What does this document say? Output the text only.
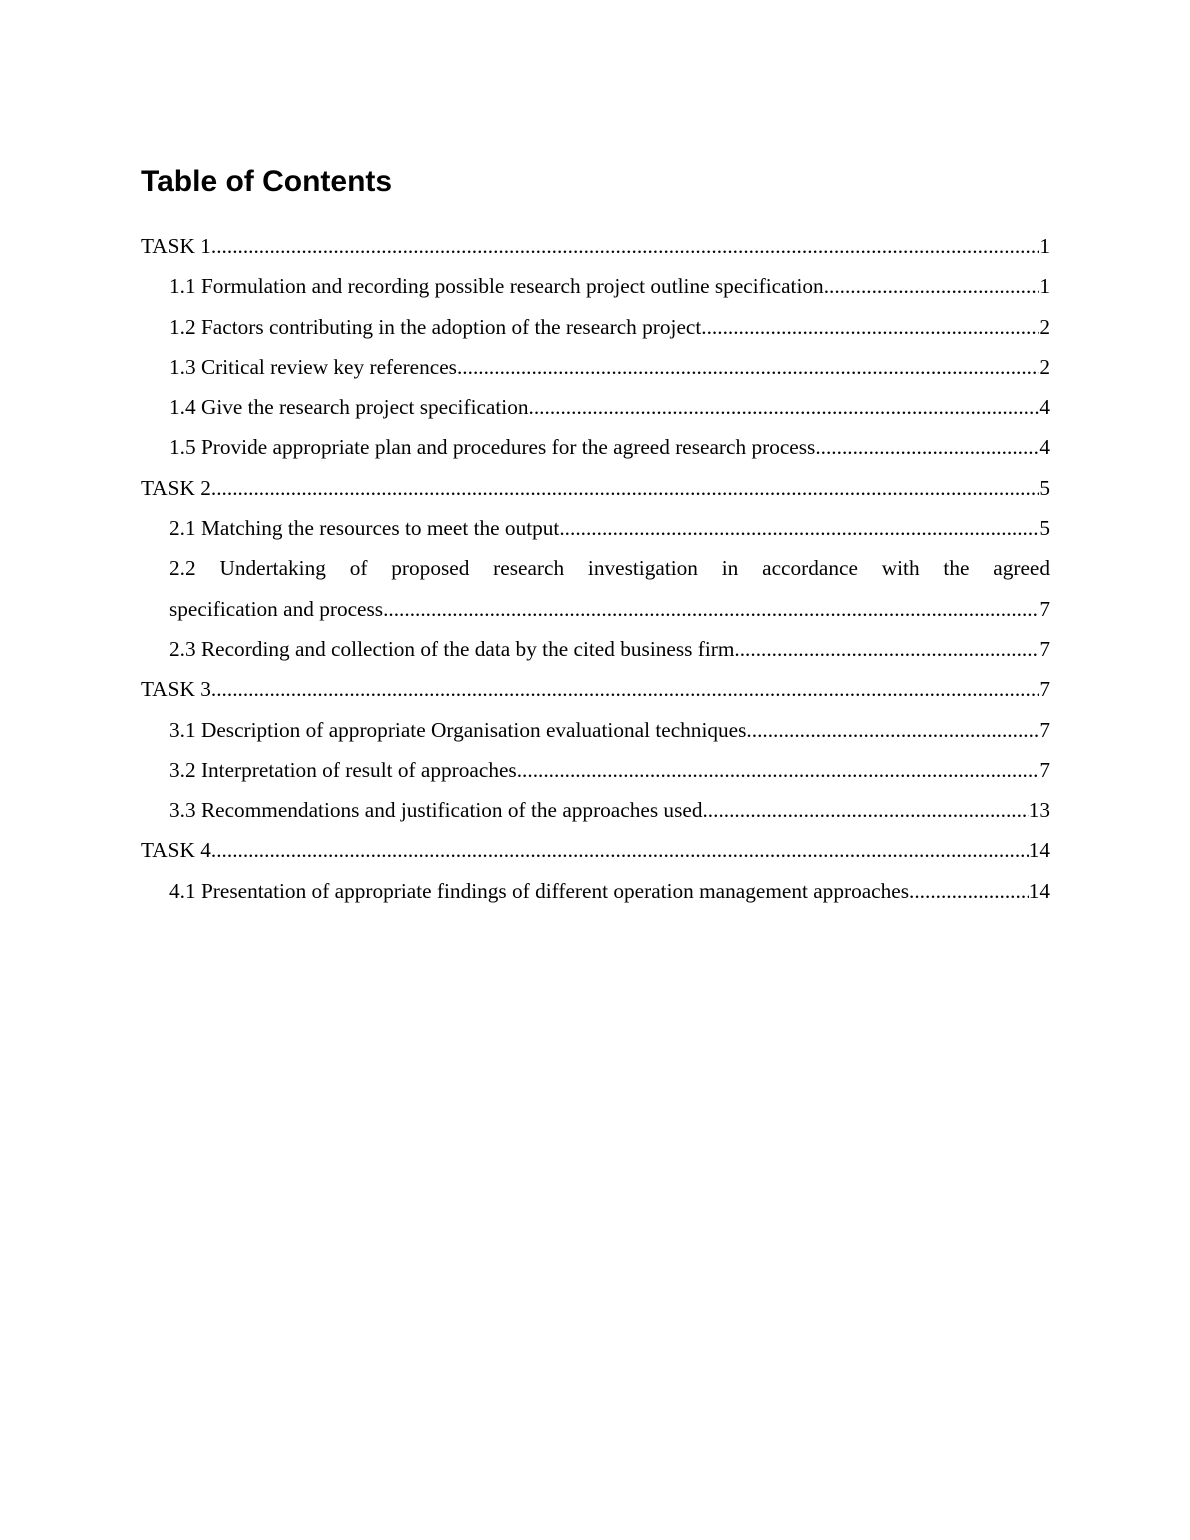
Table of Contents
TASK 1 .....	1
1.1 Formulation and recording possible research project outline specification .....	1
1.2 Factors contributing in the adoption of the research project .....	2
1.3 Critical review key references .....	2
1.4 Give the research project specification .....	4
1.5 Provide appropriate plan and procedures for the agreed research process .....	4
TASK 2 .....	5
2.1 Matching the resources to meet the output .....	5
2.2 Undertaking of proposed research investigation in accordance with the agreed
specification and process .....	7
2.3 Recording and collection of the data by the cited business firm .....	7
TASK 3 .....	7
3.1 Description of appropriate Organisation evaluational techniques .....	7
3.2 Interpretation of result of approaches .....	7
3.3 Recommendations and justification of the approaches used .....	13
TASK 4 .....	14
4.1 Presentation of appropriate findings of different operation management approaches .....	14
